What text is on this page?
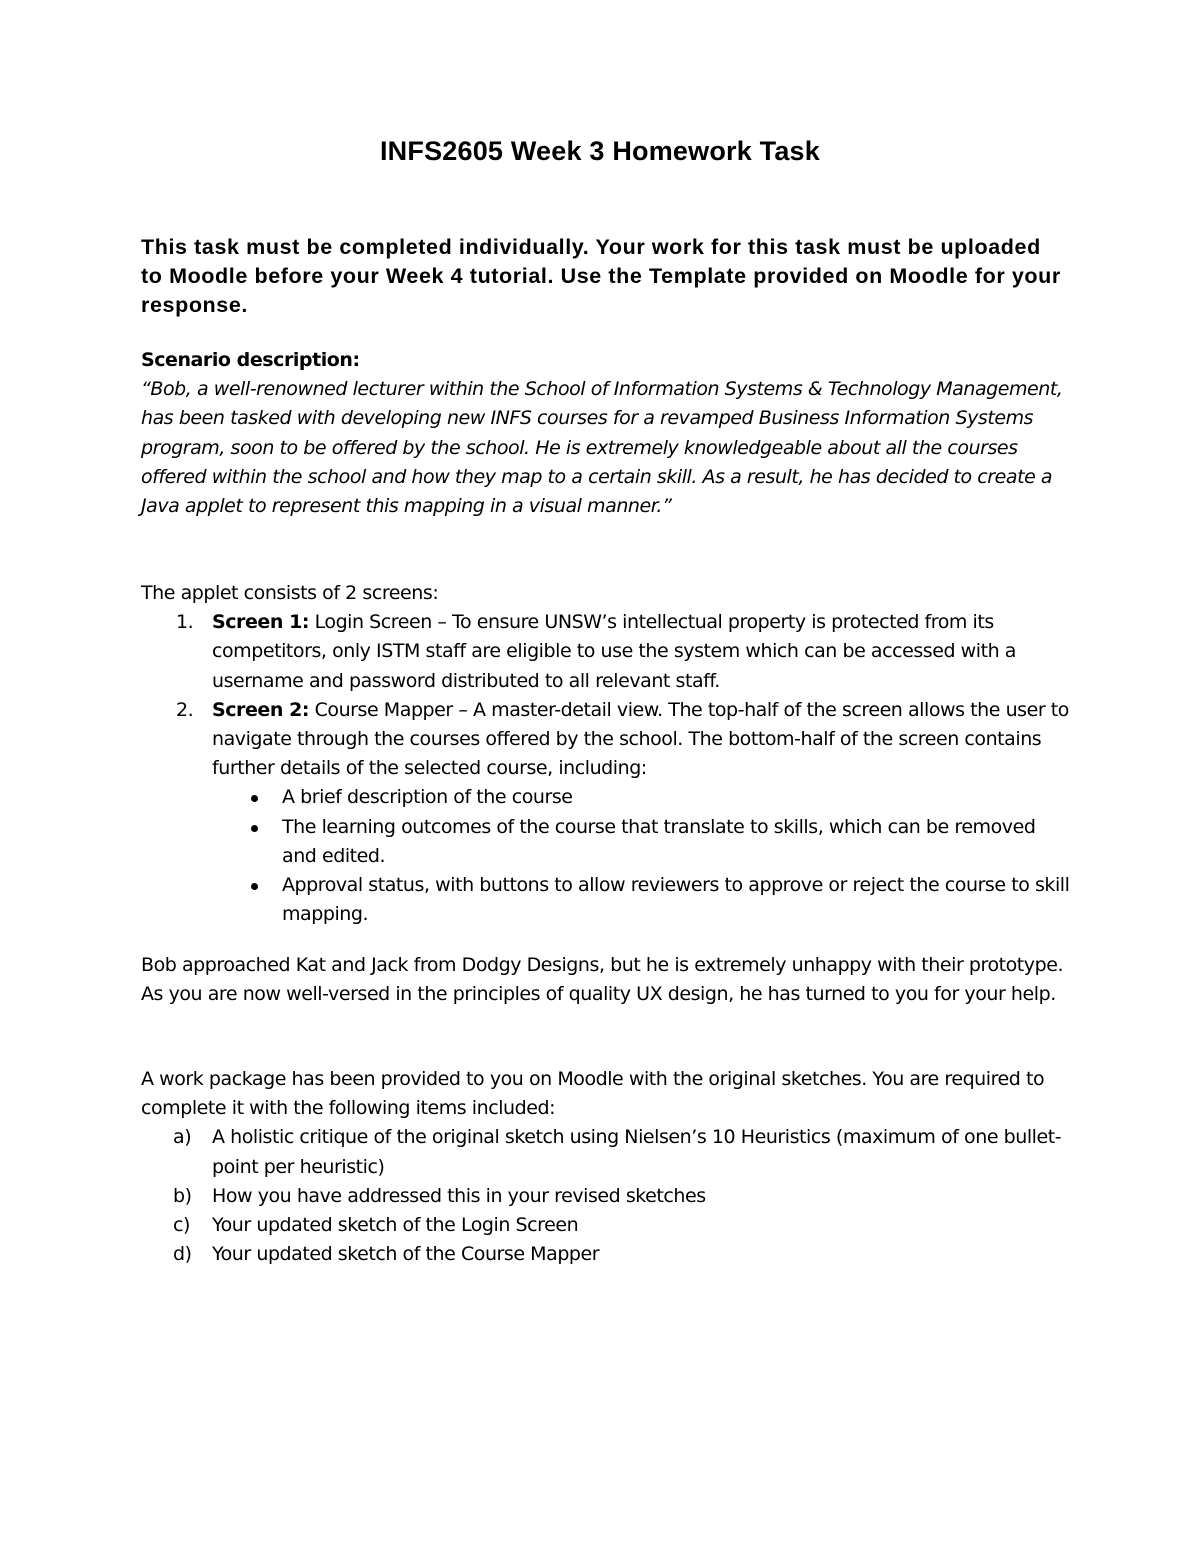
INFS2605 Week 3 Homework Task
This task must be completed individually. Your work for this task must be uploaded to Moodle before your Week 4 tutorial. Use the Template provided on Moodle for your response.
Scenario description:
“Bob, a well-renowned lecturer within the School of Information Systems & Technology Management, has been tasked with developing new INFS courses for a revamped Business Information Systems program, soon to be offered by the school. He is extremely knowledgeable about all the courses offered within the school and how they map to a certain skill. As a result, he has decided to create a Java applet to represent this mapping in a visual manner.”
The applet consists of 2 screens:
1. Screen 1: Login Screen – To ensure UNSW’s intellectual property is protected from its competitors, only ISTM staff are eligible to use the system which can be accessed with a username and password distributed to all relevant staff.
2. Screen 2: Course Mapper – A master-detail view. The top-half of the screen allows the user to navigate through the courses offered by the school. The bottom-half of the screen contains further details of the selected course, including:
A brief description of the course
The learning outcomes of the course that translate to skills, which can be removed and edited.
Approval status, with buttons to allow reviewers to approve or reject the course to skill mapping.
Bob approached Kat and Jack from Dodgy Designs, but he is extremely unhappy with their prototype. As you are now well-versed in the principles of quality UX design, he has turned to you for your help.
A work package has been provided to you on Moodle with the original sketches. You are required to complete it with the following items included:
a) A holistic critique of the original sketch using Nielsen’s 10 Heuristics (maximum of one bullet-point per heuristic)
b) How you have addressed this in your revised sketches
c) Your updated sketch of the Login Screen
d) Your updated sketch of the Course Mapper
